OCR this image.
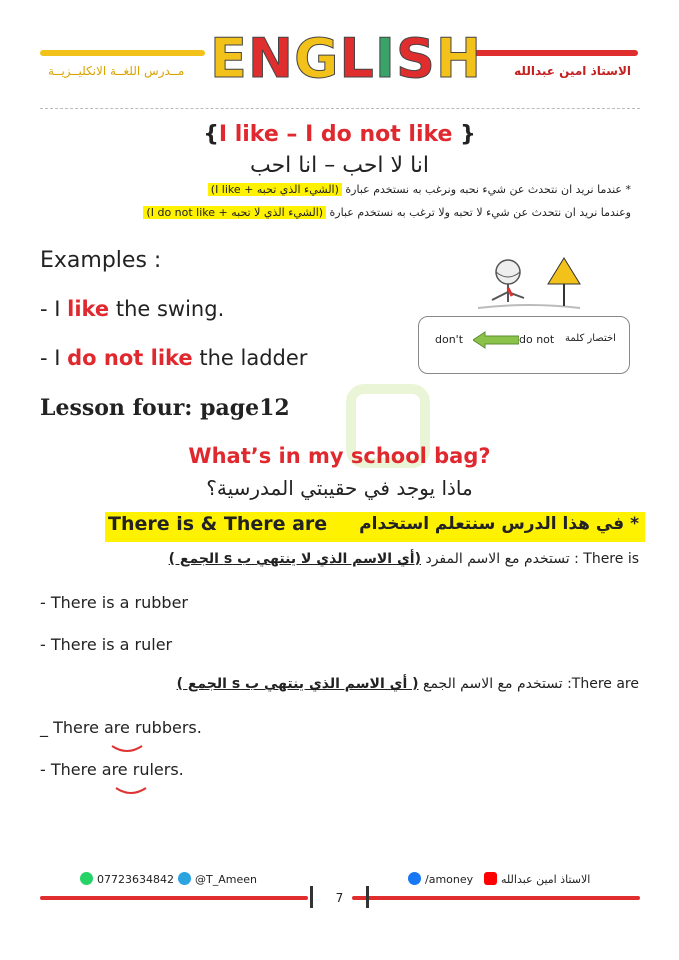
ENGLISH
مــدرس اللغــة الانكليــزيــة	الاستاذ امين عبدالله
{I like – I do not like }
انا لا احب – انا احب
* عندما نريد ان نتحدث عن شيء نحبه ونرغب به نستخدم عبارة (الشيء الذي تحبه + I like)
وعندما نريد ان نتحدث عن شيء لا تحبه ولا ترغب به نستخدم عبارة (الشيء الذي لا تحبه + I do not like)
Examples :
- I like the swing.
- I do not like the ladder
don't	do not اختصار كلمة
Lesson four: page12
What’s in my school bag?
ماذا يوجد في حقيبتي المدرسية؟
There is & There are * في هذا الدرس سنتعلم استخدام
There is : تستخدم مع الاسم المفرد (أي الاسم الذي لا ينتهي ب s الجمع )
- There is a rubber
- There is a ruler
There are: تستخدم مع الاسم الجمع ( أي الاسم الذي ينتهي ب s الجمع )
_ There are rubbers.
- There are rulers.
07723634842	@T_Ameen	/amoney	الاستاذ امين عبدالله
7
